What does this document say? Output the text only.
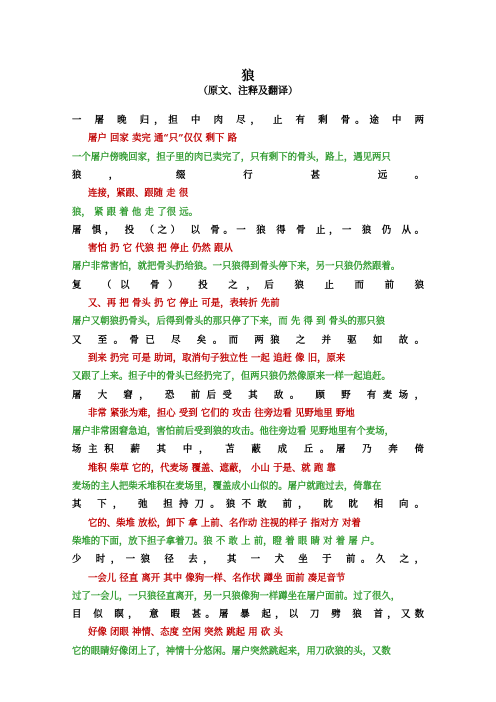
狼
（原文、注释及翻译）
一 屠 晚 归，担 中 肉 尽， 止 有 剩 骨。途 中 两
屠户 回家 卖完 通“只”仅仅 剩下 路
一个屠户傍晚回家，担子里的肉已卖完了，只有剩下的骨头，路上，遇见两只
狼， 缀 行 甚 远。
连接，紧跟、跟随 走 很
狼， 紧 跟 着 他 走 了很 远。
屠 惧， 投 （之） 以 骨。一 狼 得 骨 止，一 狼 仍 从。
害怕 扔 它 代狼 把 停止 仍然 跟从
屠户非常害怕，就把骨头扔给狼。一只狼得到骨头停下来，另一只狼仍然跟着。
复 （以 骨） 投 之，后 狼 止 而 前 狼
又、再 把 骨头 扔 它 停止 可是，表转折 先前
屠户又朝狼扔骨头，后得到骨头的那只停了下来，而 先 得 到 骨头的那只狼
又 至。骨已 尽 矣。而 两狼 之 并 驱 如 故。
到来 扔完 可是 助词，取消句子独立性 一起 追赶 像 旧，原来
又跟了上来。担子中的骨头已经扔完了，但两只狼仍然像原来一样一起追赶。
屠 大 窘， 恐 前后受 其 敌。 顾 野 有麦场，
非常 紧张为难，担心 受到 它们的 攻击 往旁边看 见野地里 野地
屠户非常困窘急迫，害怕前后受到狼的攻击。他往旁边看 见野地里有个麦场，
场主积 薪 其 中， 苫 蔽 成 丘。屠 乃 奔 倚
堆积 柴草 它的，代麦场 覆盖、遮蔽， 小山 于是、就 跑 靠
麦场的主人把柴禾堆积在麦场里，覆盖成小山似的。屠户就跑过去，倚靠在
其 下， 弛 担持刀。狼不敢 前， 眈 眈 相 向。
它的、柴堆 放松，卸下 拿 上前、名作动 注视的样子 指对方 对着
柴堆的下面，放下担子拿着刀。狼 不 敢 上 前，瞪 着 眼 睛 对 着 屠 户。
少 时，一狼 径 去， 其 一 犬 坐 于 前。久 之，
一会儿 径直 离开 其中 像狗一样、名作状 蹲坐 面前 凑足音节
过了一会儿，一只狼径直离开，另一只狼像狗一样蹲坐在屠户面前。过了很久，
目 似 瞑， 意 暇 甚。屠 暴 起，以 刀 劈 狼 首，又数
好像 闭眼 神情、态度 空闲 突然 跳起 用 砍 头
它的眼睛好像闭上了，神情十分悠闲。屠户突然跳起来，用刀砍狼的头，又数
